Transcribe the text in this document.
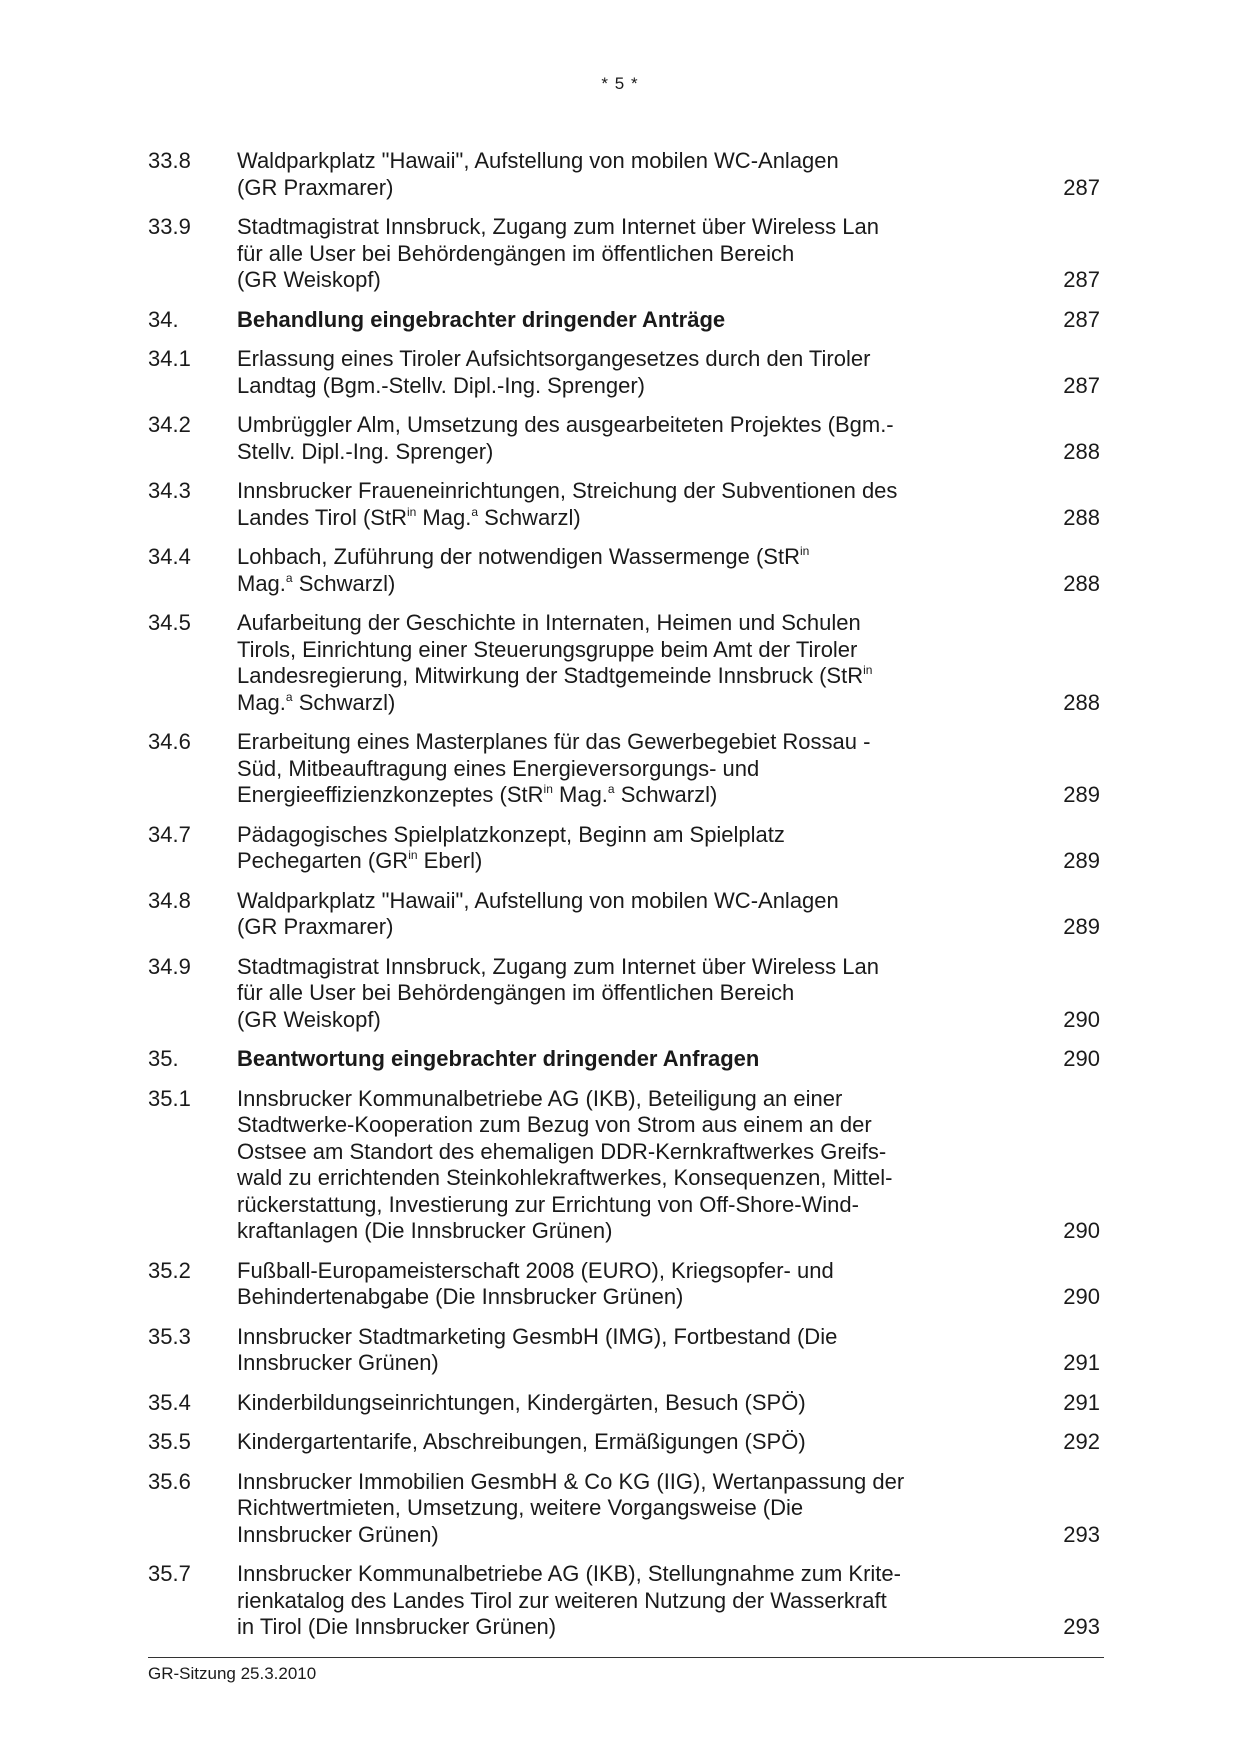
* 5 *
33.8	Waldparkplatz "Hawaii", Aufstellung von mobilen WC-Anlagen
(GR Praxmarer)	287
33.9	Stadtmagistrat Innsbruck, Zugang zum Internet über Wireless Lan
für alle User bei Behördengängen im öffentlichen Bereich
(GR Weiskopf)	287
34.	Behandlung eingebrachter dringender Anträge	287
34.1	Erlassung eines Tiroler Aufsichtsorgangesetzes durch den Tiroler
Landtag (Bgm.-Stellv. Dipl.-Ing. Sprenger)	287
34.2	Umbrüggler Alm, Umsetzung des ausgearbeiteten Projektes (Bgm.-
Stellv. Dipl.-Ing. Sprenger)	288
34.3	Innsbrucker Fraueneinrichtungen, Streichung der Subventionen des
Landes Tirol (StR$^{in}$ Mag.$^a$ Schwarzl)	288
34.4	Lohbach, Zuführung der notwendigen Wassermenge (StR$^{in}$
Mag.$^a$ Schwarzl)	288
34.5	Aufarbeitung der Geschichte in Internaten, Heimen und Schulen
Tirols, Einrichtung einer Steuerungsgruppe beim Amt der Tiroler
Landesregierung, Mitwirkung der Stadtgemeinde Innsbruck (StR$^{in}$
Mag.$^a$ Schwarzl)	288
34.6	Erarbeitung eines Masterplanes für das Gewerbegebiet Rossau -
Süd, Mitbeauftragung eines Energieversorgungs- und
Energieeffizienzkonzeptes (StR$^{in}$ Mag.$^a$ Schwarzl)	289
34.7	Pädagogisches Spielplatzkonzept, Beginn am Spielplatz
Pechegarten ($GR^{in}$ Eberl)	289
34.8	Waldparkplatz "Hawaii", Aufstellung von mobilen WC-Anlagen
(GR Praxmarer)	289
34.9	Stadtmagistrat Innsbruck, Zugang zum Internet über Wireless Lan
für alle User bei Behördengängen im öffentlichen Bereich
(GR Weiskopf)	290
35.	Beantwortung eingebrachter dringender Anfragen	290
35.1	Innsbrucker Kommunalbetriebe AG (IKB), Beteiligung an einer
Stadtwerke-Kooperation zum Bezug von Strom aus einem an der
Ostsee am Standort des ehemaligen DDR-Kernkraftwerkes Greifs-
wald zu errichtenden Steinkohlekraftwerkes, Konsequenzen, Mittel-
rückerstattung, Investierung zur Errichtung von Off-Shore-Wind-
kraftanlagen (Die Innsbrucker Grünen)	290
35.2	Fußball-Europameisterschaft 2008 (EURO), Kriegsopfer- und
Behindertenabgabe (Die Innsbrucker Grünen)	290
35.3	Innsbrucker Stadtmarketing GesmbH (IMG), Fortbestand (Die
Innsbrucker Grünen)	291
35.4	Kinderbildungseinrichtungen, Kindergärten, Besuch (SPÖ)	291
35.5	Kindergartentarife, Abschreibungen, Ermäßigungen (SPÖ)	292
35.6	Innsbrucker Immobilien GesmbH & Co KG (IIG), Wertanpassung der
Richtwertmieten, Umsetzung, weitere Vorgangsweise (Die
Innsbrucker Grünen)	293
35.7	Innsbrucker Kommunalbetriebe AG (IKB), Stellungnahme zum Krite-
rienkatalog des Landes Tirol zur weiteren Nutzung der Wasserkraft
in Tirol (Die Innsbrucker Grünen)	293
GR-Sitzung 25.3.2010
